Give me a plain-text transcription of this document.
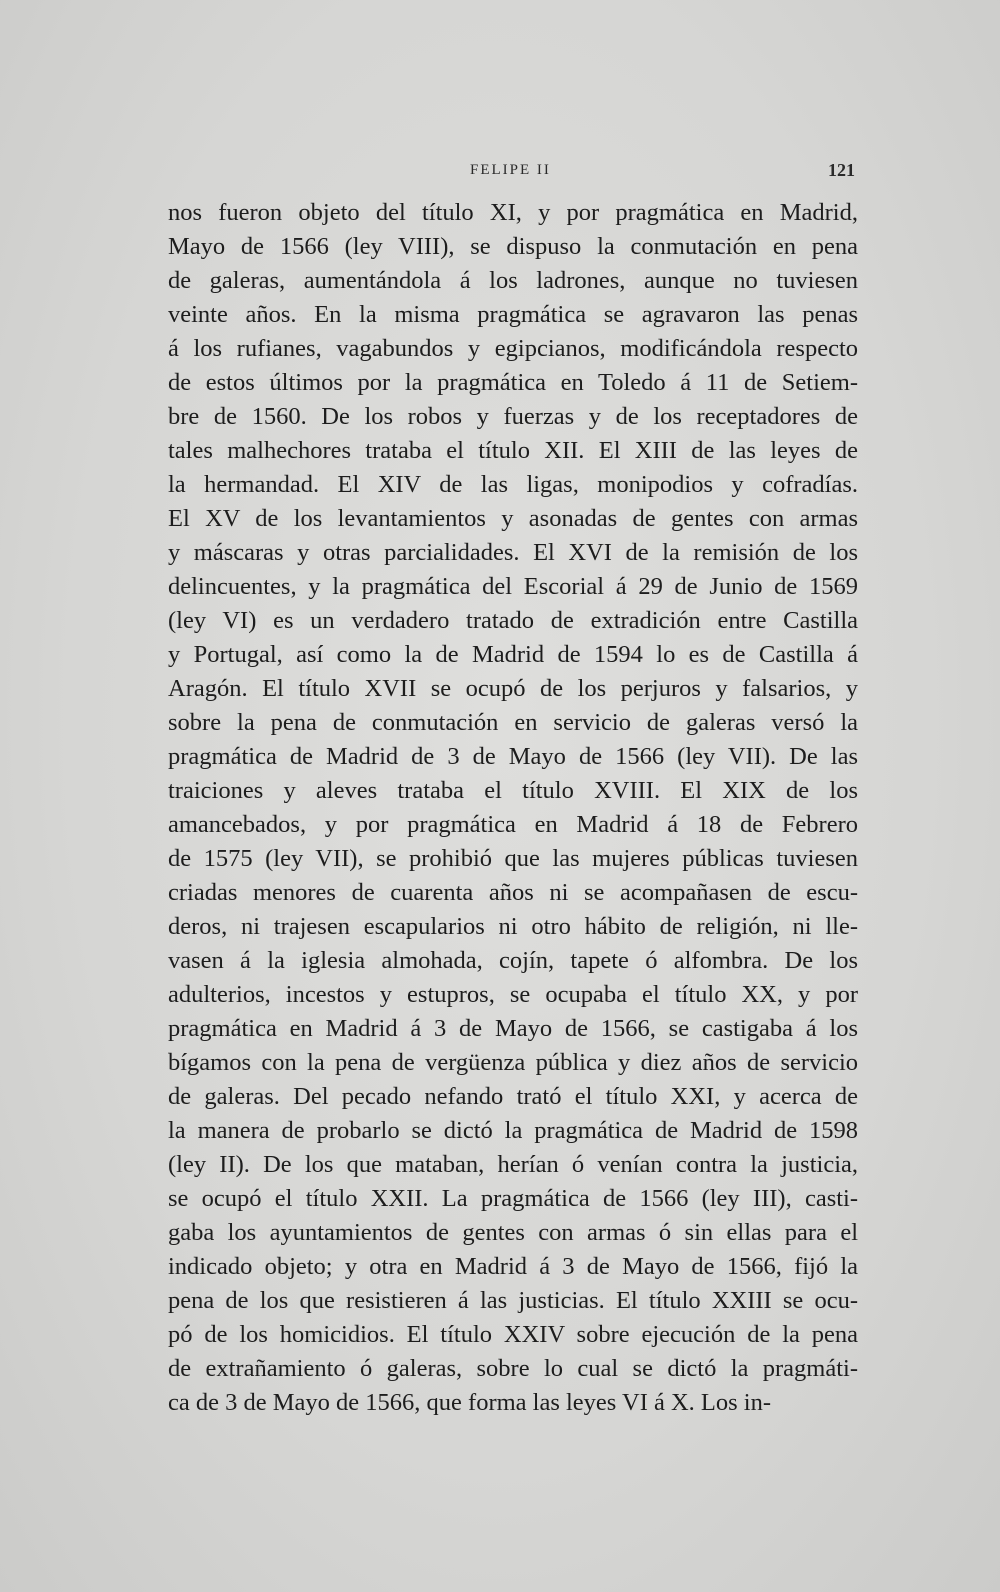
FELIPE II	121
nos fueron objeto del título XI, y por pragmática en Madrid,
Mayo de 1566 (ley VIII), se dispuso la conmutación en pena
de galeras, aumentándola á los ladrones, aunque no tuviesen
veinte años. En la misma pragmática se agravaron las penas
á los rufianes, vagabundos y egipcianos, modificándola respecto
de estos últimos por la pragmática en Toledo á 11 de Setiem-
bre de 1560. De los robos y fuerzas y de los receptadores de
tales malhechores trataba el título XII. El XIII de las leyes de
la hermandad. El XIV de las ligas, monipodios y cofradías.
El XV de los levantamientos y asonadas de gentes con armas
y máscaras y otras parcialidades. El XVI de la remisión de los
delincuentes, y la pragmática del Escorial á 29 de Junio de 1569
(ley VI) es un verdadero tratado de extradición entre Castilla
y Portugal, así como la de Madrid de 1594 lo es de Castilla á
Aragón. El título XVII se ocupó de los perjuros y falsarios, y
sobre la pena de conmutación en servicio de galeras versó la
pragmática de Madrid de 3 de Mayo de 1566 (ley VII). De las
traiciones y aleves trataba el título XVIII. El XIX de los
amancebados, y por pragmática en Madrid á 18 de Febrero
de 1575 (ley VII), se prohibió que las mujeres públicas tuviesen
criadas menores de cuarenta años ni se acompañasen de escu-
deros, ni trajesen escapularios ni otro hábito de religión, ni lle-
vasen á la iglesia almohada, cojín, tapete ó alfombra. De los
adulterios, incestos y estupros, se ocupaba el título XX, y por
pragmática en Madrid á 3 de Mayo de 1566, se castigaba á los
bígamos con la pena de vergüenza pública y diez años de servicio
de galeras. Del pecado nefando trató el título XXI, y acerca de
la manera de probarlo se dictó la pragmática de Madrid de 1598
(ley II). De los que mataban, herían ó venían contra la justicia,
se ocupó el título XXII. La pragmática de 1566 (ley III), casti-
gaba los ayuntamientos de gentes con armas ó sin ellas para el
indicado objeto; y otra en Madrid á 3 de Mayo de 1566, fijó la
pena de los que resistieren á las justicias. El título XXIII se ocu-
pó de los homicidios. El título XXIV sobre ejecución de la pena
de extrañamiento ó galeras, sobre lo cual se dictó la pragmáti-
ca de 3 de Mayo de 1566, que forma las leyes VI á X. Los in-
